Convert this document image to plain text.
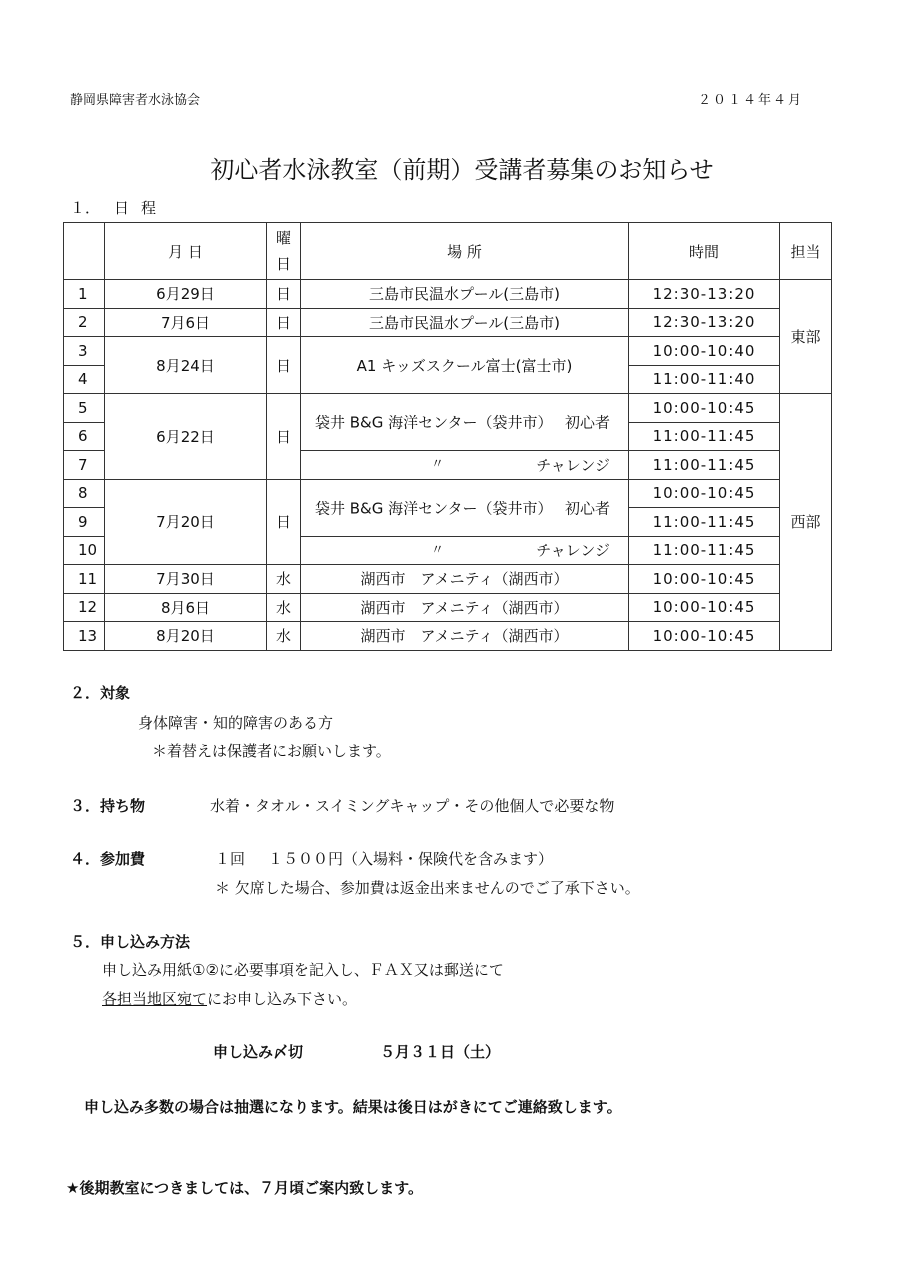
静岡県障害者水泳協会	２０１４年４月
初心者水泳教室（前期）受講者募集のお知らせ
１． 日程
	月 日	曜
日	場 所	時間	担当
1	6月29日	日	三島市民温水プール(三島市)	12:30-13:20	東部
2	7月6日	日	三島市民温水プール(三島市)	12:30-13:20	
3	8月24日	日	A1 キッズスクール富士(富士市)	10:00-10:40	
4				11:00-11:40	
5	6月22日	日	袋井 B&G 海洋センター（袋井市） 初心者	10:00-10:45	西部
6				11:00-11:45	
7			〃 チャレンジ	11:00-11:45	
8	7月20日	日	袋井 B&G 海洋センター（袋井市） 初心者	10:00-10:45	
9				11:00-11:45	
10			〃 チャレンジ	11:00-11:45	
11	7月30日	水	湖西市　アメニティ（湖西市）	10:00-10:45	
12	8月6日	水	湖西市　アメニティ（湖西市）	10:00-10:45	
13	8月20日	水	湖西市　アメニティ（湖西市）	10:00-10:45	
２．対象
身体障害・知的障害のある方
＊着替えは保護者にお願いします。
３．持ち物	水着・タオル・スイミングキャップ・その他個人で必要な物
４．参加費	１回 １５００円（入場料・保険代を含みます）
＊ 欠席した場合、参加費は返金出来ませんのでご了承下さい。
５．申し込み方法
申し込み用紙①②に必要事項を記入し、ＦＡＸ又は郵送にて
各担当地区宛てにお申し込み下さい。
申し込み〆切	５月３１日（土）
申し込み多数の場合は抽選になります。結果は後日はがきにてご連絡致します。
★後期教室につきましては、７月頃ご案内致します。
